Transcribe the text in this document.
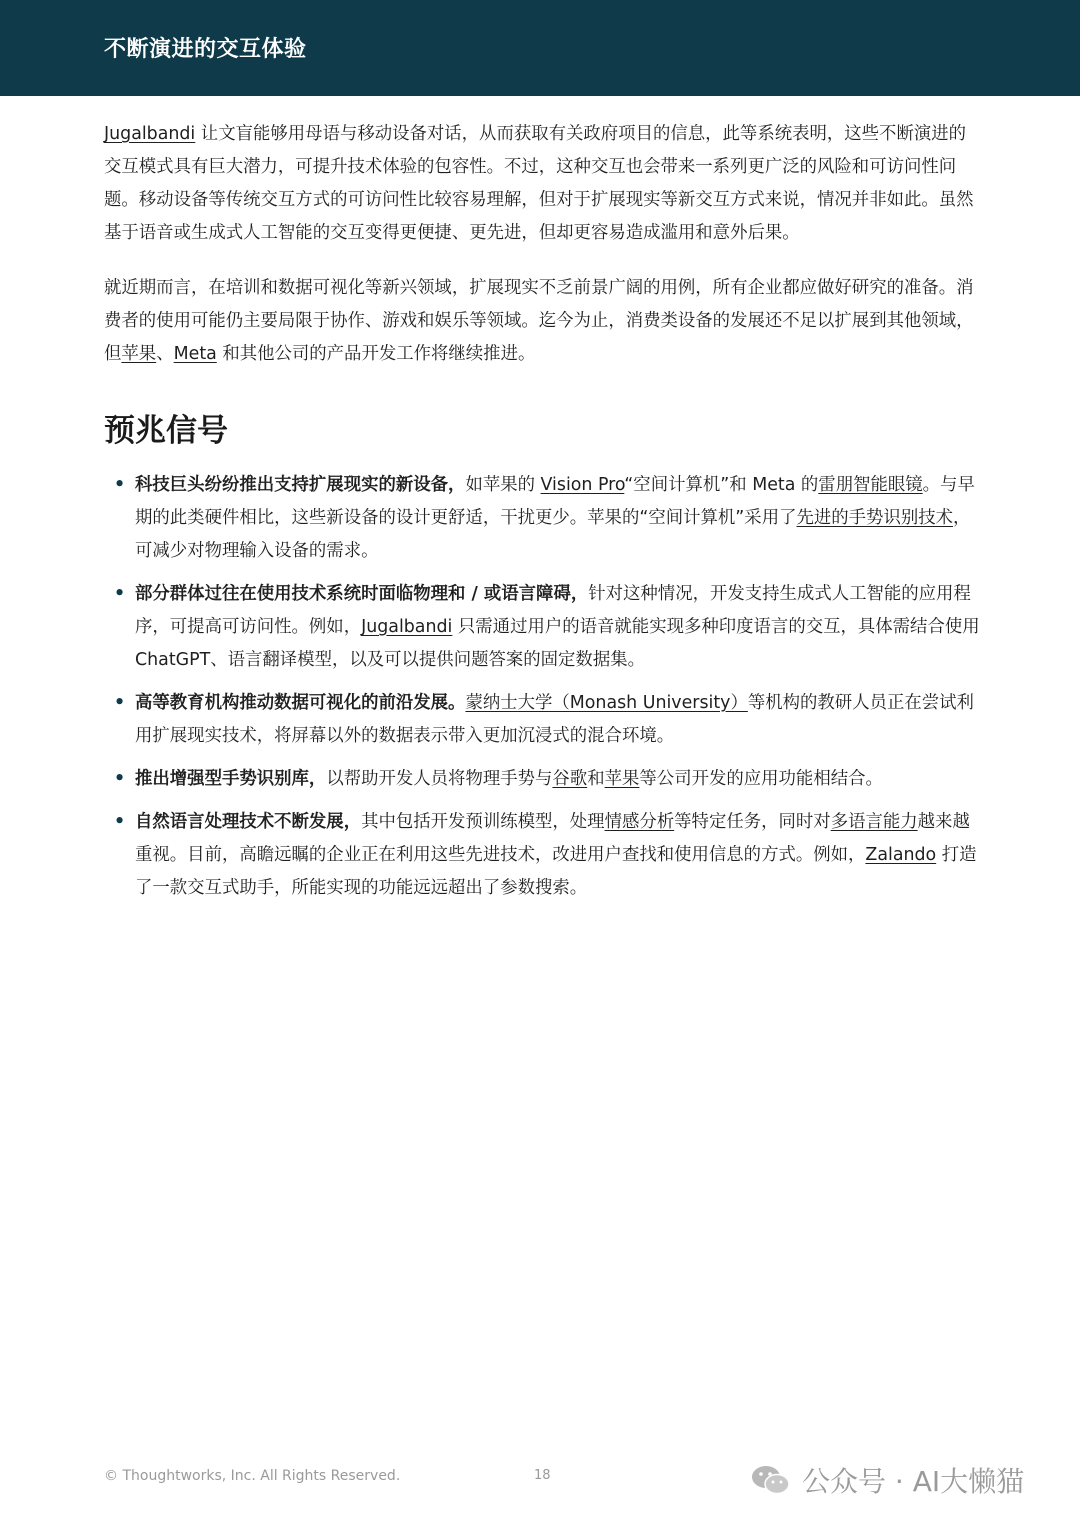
不断演进的交互体验

Jugalbandi 让文盲能够用母语与移动设备对话，从而获取有关政府项目的信息，此等系统表明，这些不断演进的交互模式具有巨大潜力，可提升技术体验的包容性。不过，这种交互也会带来一系列更广泛的风险和可访问性问题。移动设备等传统交互方式的可访问性比较容易理解，但对于扩展现实等新交互方式来说，情况并非如此。虽然基于语音或生成式人工智能的交互变得更便捷、更先进，但却更容易造成滥用和意外后果。

就近期而言，在培训和数据可视化等新兴领域，扩展现实不乏前景广阔的用例，所有企业都应做好研究的准备。消费者的使用可能仍主要局限于协作、游戏和娱乐等领域。迄今为止，消费类设备的发展还不足以扩展到其他领域，但苹果、Meta 和其他公司的产品开发工作将继续推进。

预兆信号
• 科技巨头纷纷推出支持扩展现实的新设备，如苹果的 Vision Pro“空间计算机”和 Meta 的雷朋智能眼镜。与早期的此类硬件相比，这些新设备的设计更舒适，干扰更少。苹果的“空间计算机”采用了先进的手势识别技术，可减少对物理输入设备的需求。
• 部分群体过往在使用技术系统时面临物理和 / 或语言障碍，针对这种情况，开发支持生成式人工智能的应用程序，可提高可访问性。例如，Jugalbandi 只需通过用户的语音就能实现多种印度语言的交互，具体需结合使用 ChatGPT、语言翻译模型，以及可以提供问题答案的固定数据集。
• 高等教育机构推动数据可视化的前沿发展。蒙纳士大学（Monash University）等机构的教研人员正在尝试利用扩展现实技术，将屏幕以外的数据表示带入更加沉浸式的混合环境。
• 推出增强型手势识别库，以帮助开发人员将物理手势与谷歌和苹果等公司开发的应用功能相结合。
• 自然语言处理技术不断发展，其中包括开发预训练模型，处理情感分析等特定任务，同时对多语言能力越来越重视。目前，高瞻远瞩的企业正在利用这些先进技术，改进用户查找和使用信息的方式。例如，Zalando 打造了一款交互式助手，所能实现的功能远远超出了参数搜索。
© Thoughtworks, Inc. All Rights Reserved.	18	公众号 · AI大懒猫
